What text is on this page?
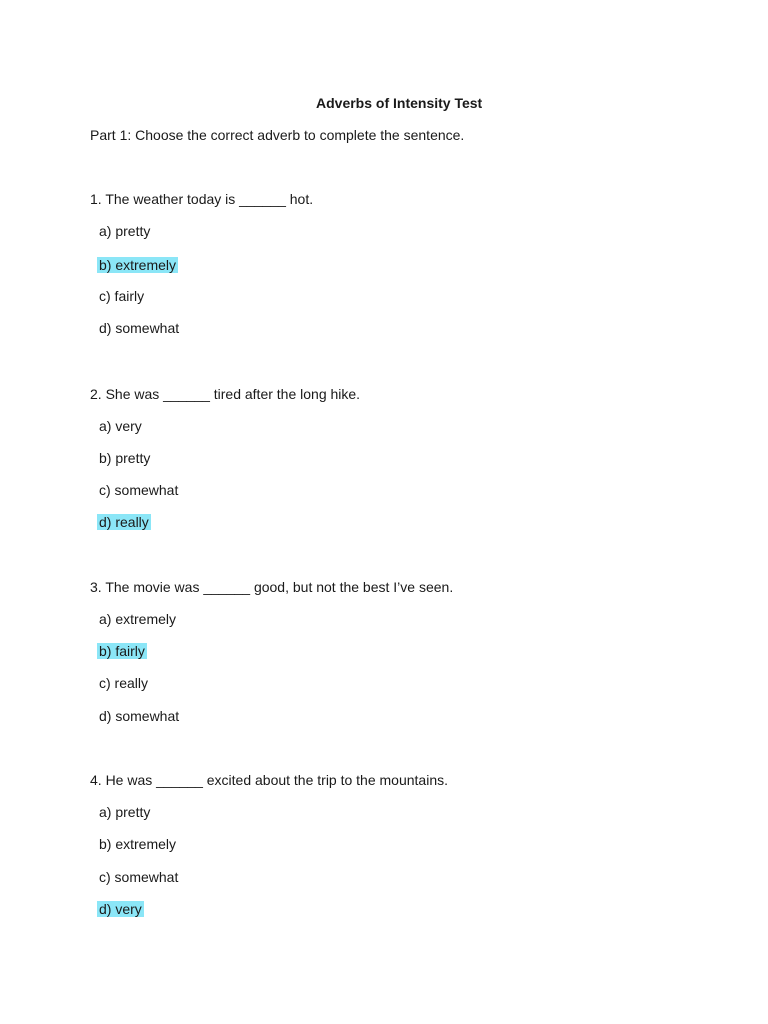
Adverbs of Intensity Test
Part 1: Choose the correct adverb to complete the sentence.
1. The weather today is ______ hot.
a) pretty
b) extremely
c) fairly
d) somewhat
2. She was ______ tired after the long hike.
a) very
b) pretty
c) somewhat
d) really
3. The movie was ______ good, but not the best I’ve seen.
a) extremely
b) fairly
c) really
d) somewhat
4. He was ______ excited about the trip to the mountains.
a) pretty
b) extremely
c) somewhat
d) very
